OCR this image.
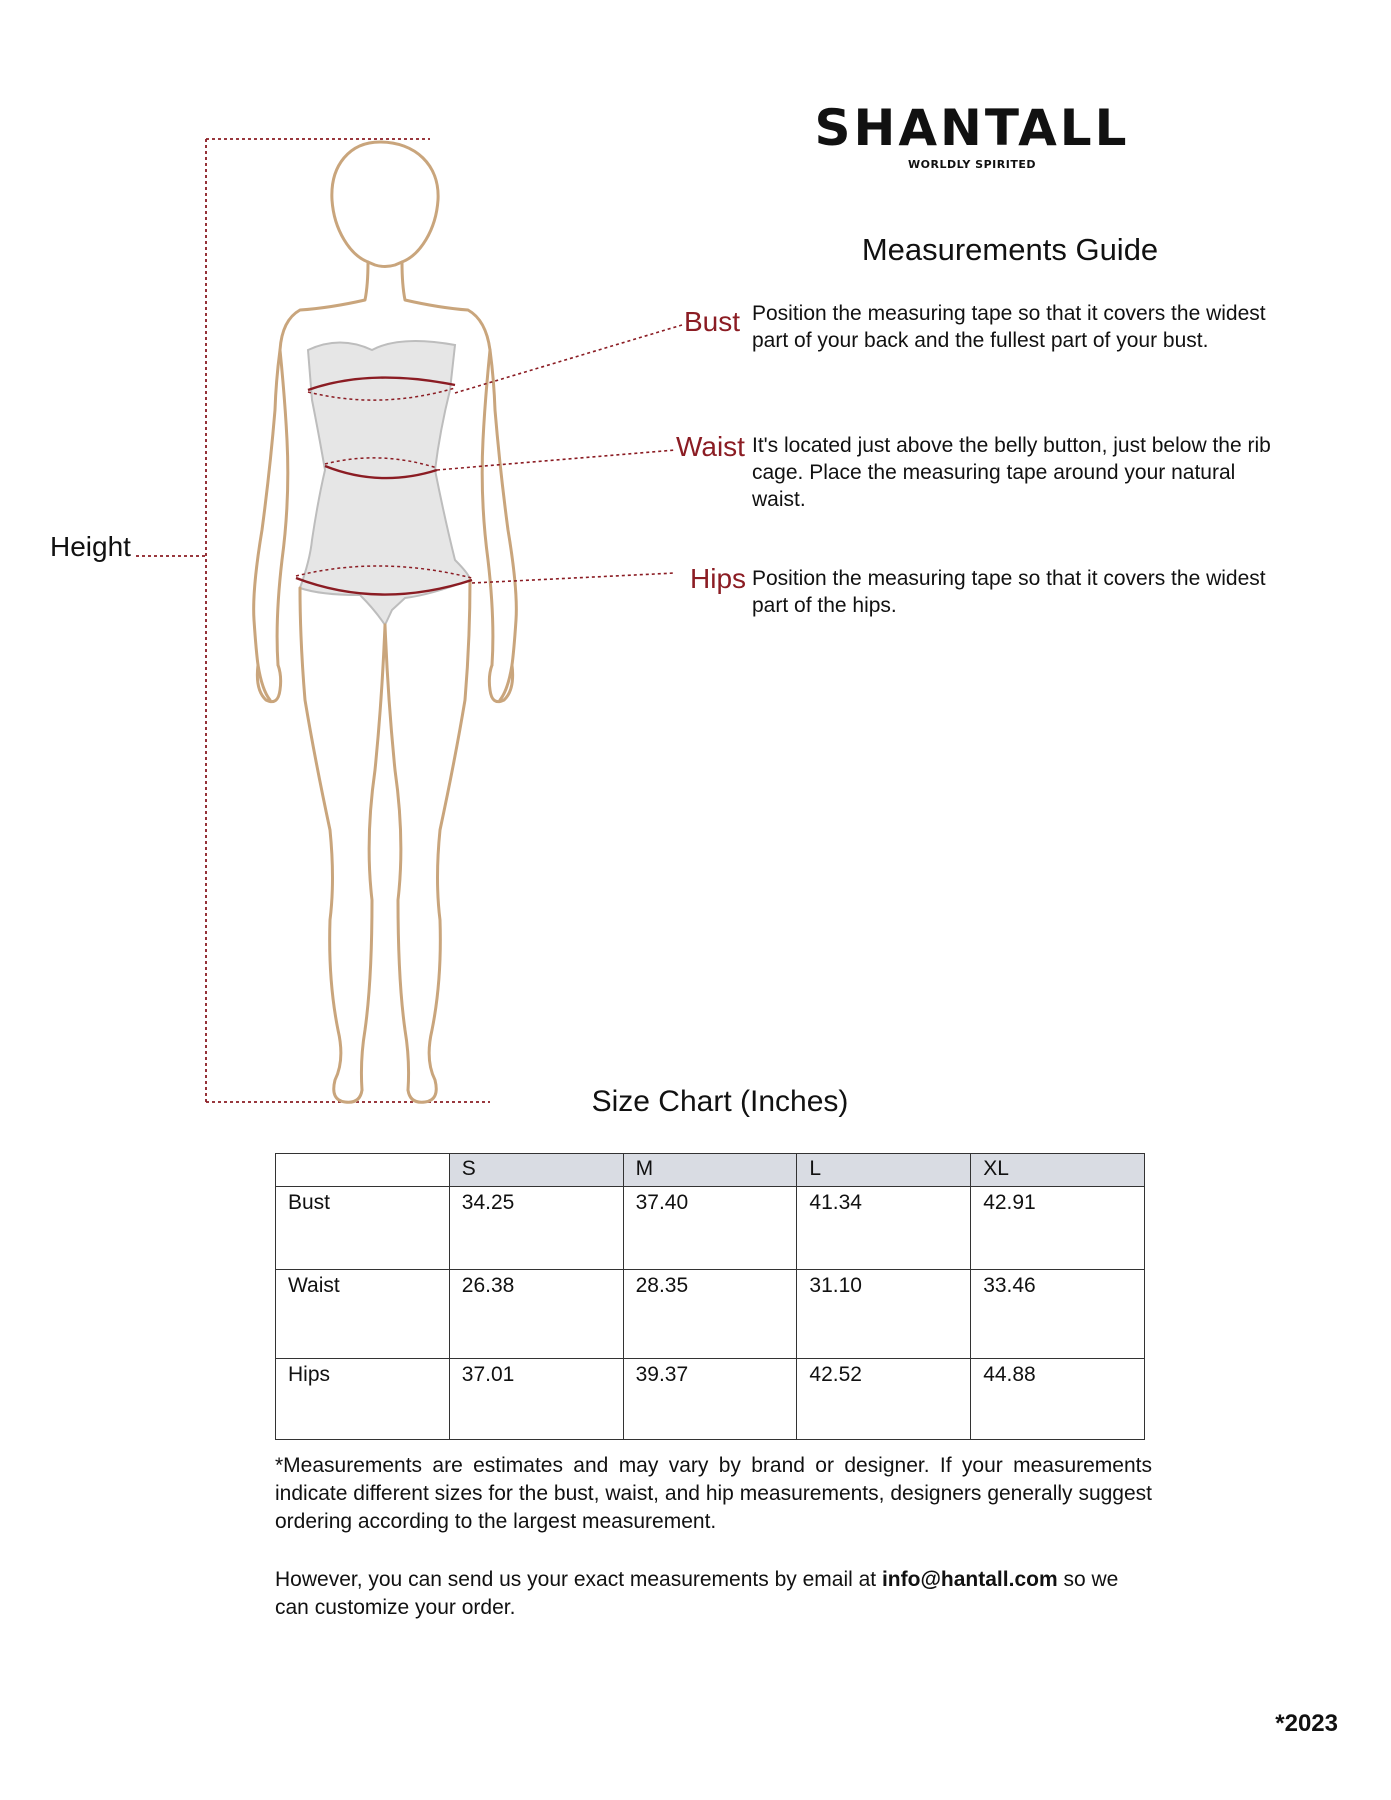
SHANTALL
WORLDLY SPIRITED
Measurements Guide
Bust Position the measuring tape so that it covers the widest part of your back and the fullest part of your bust.
Waist It's located just above the belly button, just below the rib cage. Place the measuring tape around your natural waist.
Hips Position the measuring tape so that it covers the widest part of the hips.
Height
Size Chart (Inches)
	S	M	L	XL
Bust	34.25	37.40	41.34	42.91
Waist	26.38	28.35	31.10	33.46
Hips	37.01	39.37	42.52	44.88
*Measurements are estimates and may vary by brand or designer. If your measurements indicate different sizes for the bust, waist, and hip measurements, designers generally suggest ordering according to the largest measurement.
However, you can send us your exact measurements by email at info@hantall.com so we can customize your order.
*2023
